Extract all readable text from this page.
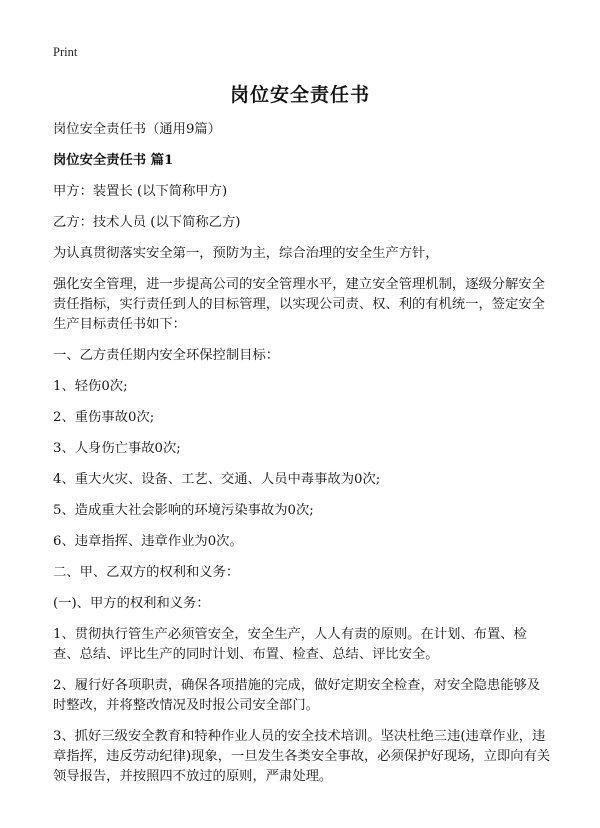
Print
岗位安全责任书

岗位安全责任书（通用9篇）

岗位安全责任书 篇1

甲方：装置长 (以下简称甲方)

乙方：技术人员 (以下简称乙方)

为认真贯彻落实安全第一，预防为主，综合治理的安全生产方针，

强化安全管理，进一步提高公司的安全管理水平，建立安全管理机制，逐级分解安全责任指标，实行责任到人的目标管理，以实现公司责、权、利的有机统一，签定安全生产目标责任书如下：

一、乙方责任期内安全环保控制目标：

1、轻伤0次;

2、重伤事故0次;

3、人身伤亡事故0次;

4、重大火灾、设备、工艺、交通、人员中毒事故为0次;

5、造成重大社会影响的环境污染事故为0次;

6、违章指挥、违章作业为0次。

二、甲、乙双方的权利和义务：

(一)、甲方的权利和义务：

1、贯彻执行管生产必须管安全，安全生产，人人有责的原则。在计划、布置、检查、总结、评比生产的同时计划、布置、检查、总结、评比安全。

2、履行好各项职责，确保各项措施的完成，做好定期安全检查，对安全隐患能够及时整改，并将整改情况及时报公司安全部门。

3、抓好三级安全教育和特种作业人员的安全技术培训。坚决杜绝三违(违章作业，违章指挥，违反劳动纪律)现象，一旦发生各类安全事故，必须保护好现场，立即向有关领导报告，并按照四不放过的原则，严肃处理。
